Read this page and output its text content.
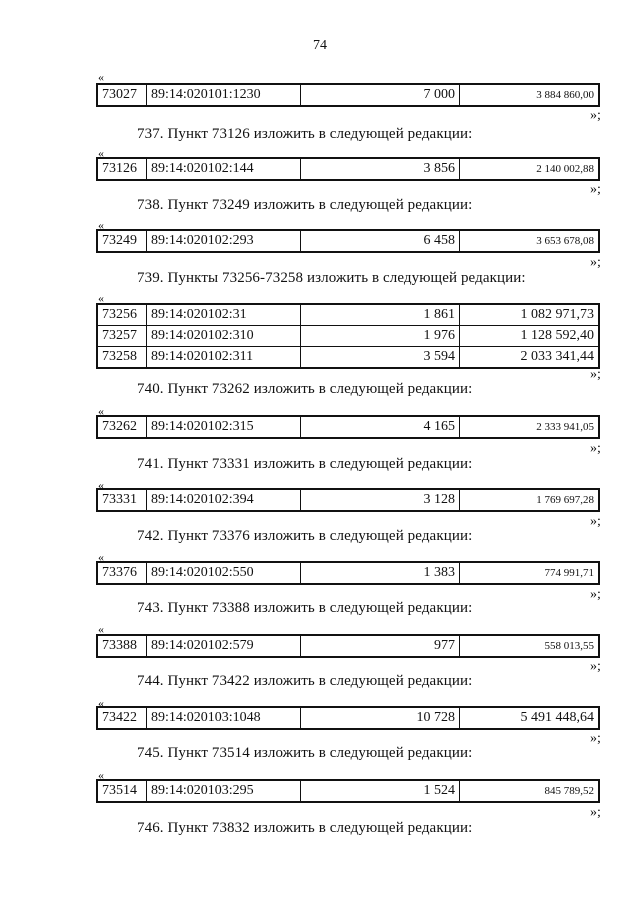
74
«
73027	89:14:020101:1230	7 000	3 884 860,00
»;
737. Пункт 73126 изложить в следующей редакции:
«
73126	89:14:020102:144	3 856	2 140 002,88
»;
738. Пункт 73249 изложить в следующей редакции:
«
73249	89:14:020102:293	6 458	3 653 678,08
»;
739. Пункты 73256-73258 изложить в следующей редакции:
«
73256	89:14:020102:31	1 861	1 082 971,73
73257	89:14:020102:310	1 976	1 128 592,40
73258	89:14:020102:311	3 594	2 033 341,44
»;
740. Пункт 73262 изложить в следующей редакции:
«
73262	89:14:020102:315	4 165	2 333 941,05
»;
741. Пункт 73331 изложить в следующей редакции:
«
73331	89:14:020102:394	3 128	1 769 697,28
»;
742. Пункт 73376 изложить в следующей редакции:
«
73376	89:14:020102:550	1 383	774 991,71
»;
743. Пункт 73388 изложить в следующей редакции:
«
73388	89:14:020102:579	977	558 013,55
»;
744. Пункт 73422 изложить в следующей редакции:
«
73422	89:14:020103:1048	10 728	5 491 448,64
»;
745. Пункт 73514 изложить в следующей редакции:
«
73514	89:14:020103:295	1 524	845 789,52
»;
746. Пункт 73832 изложить в следующей редакции:
